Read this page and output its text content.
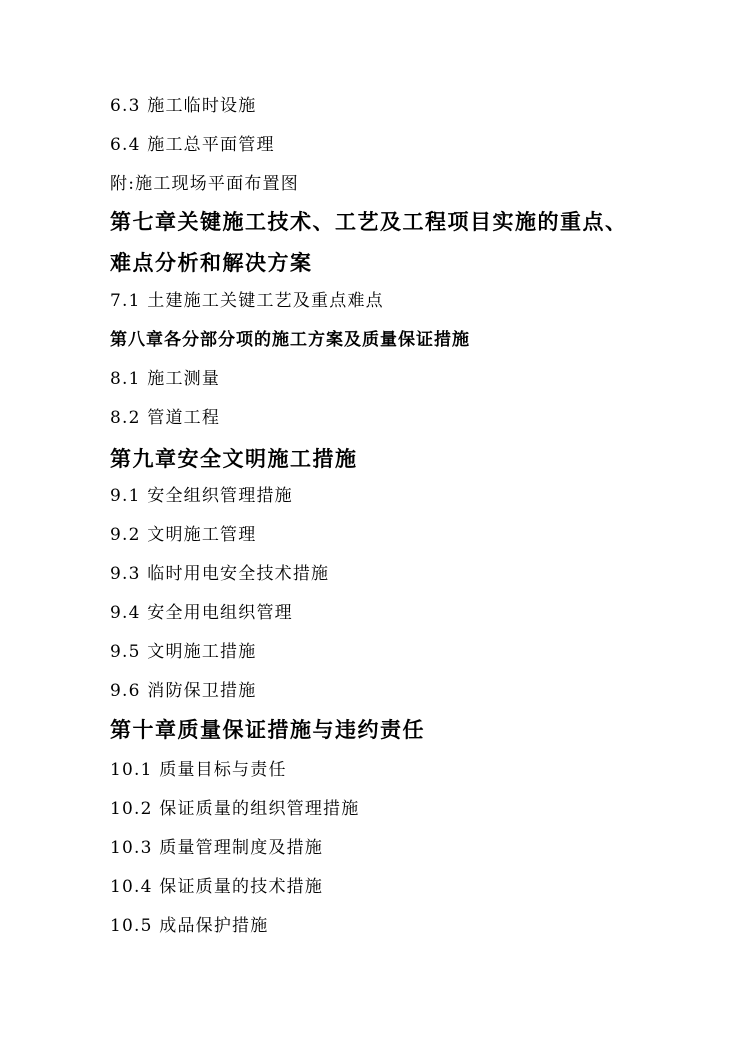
6.3 施工临时设施
6.4 施工总平面管理
附:施工现场平面布置图
第七章关键施工技术、工艺及工程项目实施的重点、
难点分析和解决方案
7.1 土建施工关键工艺及重点难点
第八章各分部分项的施工方案及质量保证措施
8.1 施工测量
8.2 管道工程
第九章安全文明施工措施
9.1 安全组织管理措施
9.2 文明施工管理
9.3 临时用电安全技术措施
9.4 安全用电组织管理
9.5 文明施工措施
9.6 消防保卫措施
第十章质量保证措施与违约责任
10.1 质量目标与责任
10.2 保证质量的组织管理措施
10.3 质量管理制度及措施
10.4 保证质量的技术措施
10.5 成品保护措施
